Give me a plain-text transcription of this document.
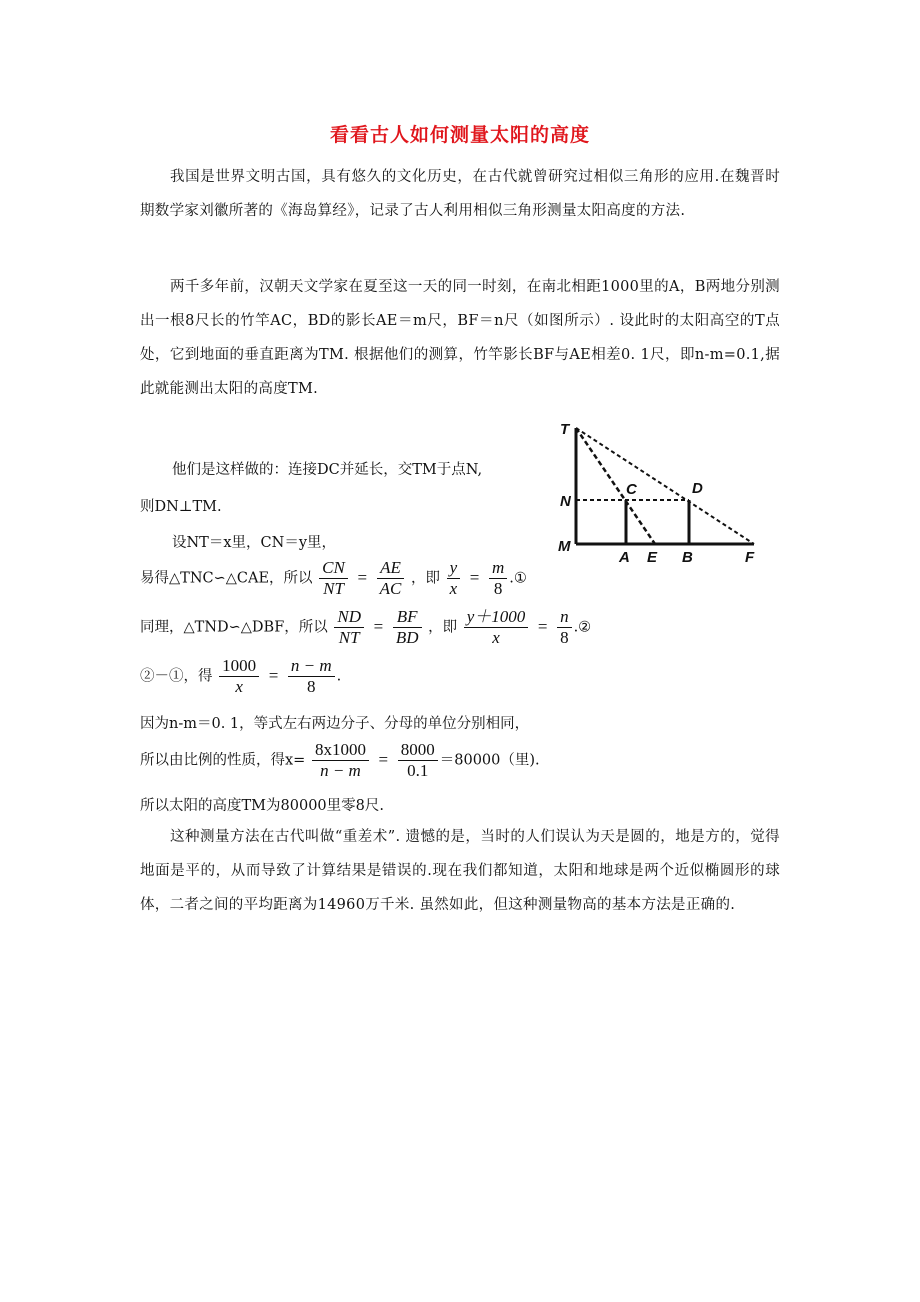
看看古人如何测量太阳的高度

我国是世界文明古国，具有悠久的文化历史，在古代就曾研究过相似三角形的应用.在魏晋时期数学家刘徽所著的《海岛算经》，记录了古人利用相似三角形测量太阳高度的方法.

两千多年前，汉朝天文学家在夏至这一天的同一时刻，在南北相距1000里的A，B两地分别测出一根8尺长的竹竿AC，BD的影长AE＝m尺，BF＝n尺（如图所示）. 设此时的太阳高空的T点处，它到地面的垂直距离为TM. 根据他们的测算，竹竿影长BF与AE相差0. 1尺，即n-m=0.1,据此就能测出太阳的高度TM.

他们是这样做的：连接DC并延长，交TM于点N,
则DN⊥TM.
设NT＝x里，CN＝y里，
易得△TNC∽△CAE，所以 $\frac{CN}{NT} = \frac{AE}{AC}$ ，即 $\frac{y}{x} = \frac{m}{8}$ .①
同理，△TND∽△DBF，所以 $\frac{ND}{NT} = \frac{BF}{BD}$ ，即 $\frac{y+1000}{x} = \frac{n}{8}$ .②
②－①，得 $\frac{1000}{x} = \frac{n - m}{8}$ .
因为n-m＝0. 1，等式左右两边分子、分母的单位分别相同，
所以由比例的性质，得$x= \frac{8x1000}{n - m} = \frac{8000}{0.1} =80000$（里).
所以太阳的高度TM为80000里零8尺.

这种测量方法在古代叫做“重差术”. 遗憾的是，当时的人们误认为天是圆的，地是方的，觉得地面是平的，从而导致了计算结果是错误的.现在我们都知道，太阳和地球是两个近似椭圆形的球体，二者之间的平均距离为14960万千米. 虽然如此，但这种测量物高的基本方法是正确的.

T
N
M
C	D
A E B	F
